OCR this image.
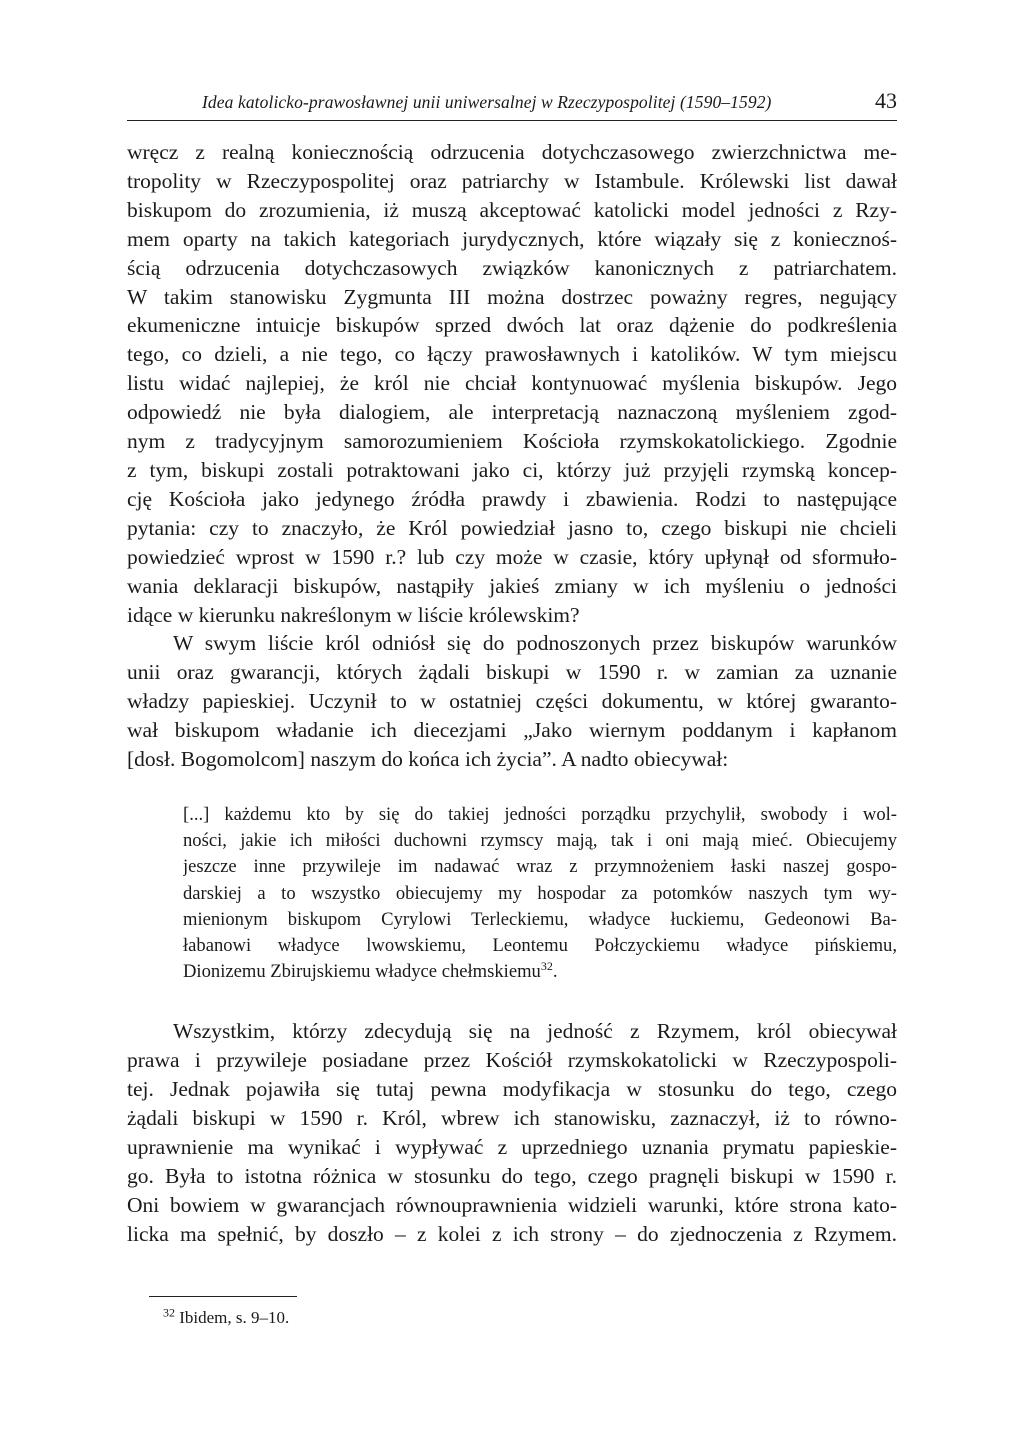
Idea katolicko-prawosławnej unii uniwersalnej w Rzeczypospolitej (1590–1592)	43
wręcz z realną koniecznością odrzucenia dotychczasowego zwierzchnictwa me-
tropolity w Rzeczypospolitej oraz patriarchy w Istambule. Królewski list dawał
biskupom do zrozumienia, iż muszą akceptować katolicki model jedności z Rzy-
mem oparty na takich kategoriach jurydycznych, które wiązały się z koniecznoś-
ścią odrzucenia dotychczasowych związków kanonicznych z patriarchatem.
W takim stanowisku Zygmunta III można dostrzec poważny regres, negujący
ekumeniczne intuicje biskupów sprzed dwóch lat oraz dążenie do podkreślenia
tego, co dzieli, a nie tego, co łączy prawosławnych i katolików. W tym miejscu
listu widać najlepiej, że król nie chciał kontynuować myślenia biskupów. Jego
odpowiedź nie była dialogiem, ale interpretacją naznaczoną myśleniem zgod-
nym z tradycyjnym samorozumieniem Kościoła rzymskokatolickiego. Zgodnie
z tym, biskupi zostali potraktowani jako ci, którzy już przyjęli rzymską koncep-
cję Kościoła jako jedynego źródła prawdy i zbawienia. Rodzi to następujące
pytania: czy to znaczyło, że Król powiedział jasno to, czego biskupi nie chcieli
powiedzieć wprost w 1590 r.? lub czy może w czasie, który upłynął od sformuło-
wania deklaracji biskupów, nastąpiły jakieś zmiany w ich myśleniu o jedności
idące w kierunku nakreślonym w liście królewskim?
W swym liście król odniósł się do podnoszonych przez biskupów warunków
unii oraz gwarancji, których żądali biskupi w 1590 r. w zamian za uznanie
władzy papieskiej. Uczynił to w ostatniej części dokumentu, w której gwaranto-
wał biskupom władanie ich diecezjami „Jako wiernym poddanym i kapłanom
[dosł. Bogomolcom] naszym do końca ich życia”. A nadto obiecywał:
[...] każdemu kto by się do takiej jedności porządku przychylił, swobody i wol-
ności, jakie ich miłości duchowni rzymscy mają, tak i oni mają mieć. Obiecujemy
jeszcze inne przywileje im nadawać wraz z przymnożeniem łaski naszej gospo-
darskiej a to wszystko obiecujemy my hospodar za potomków naszych tym wy-
mienionym biskupom Cyrylowi Terleckiemu, władyce łuckiemu, Gedeonowi Ba-
łabanowi władyce lwowskiemu, Leontemu Połczyckiemu władyce pińskiemu,
Dionizemu Zbirujskiemu władyce chełmskiemu$^{32}$.
Wszystkim, którzy zdecydują się na jedność z Rzymem, król obiecywał
prawa i przywileje posiadane przez Kościół rzymskokatolicki w Rzeczypospoli-
tej. Jednak pojawiła się tutaj pewna modyfikacja w stosunku do tego, czego
żądali biskupi w 1590 r. Król, wbrew ich stanowisku, zaznaczył, iż to równo-
uprawnienie ma wynikać i wypływać z uprzedniego uznania prymatu papieskie-
go. Była to istotna różnica w stosunku do tego, czego pragnęli biskupi w 1590 r.
Oni bowiem w gwarancjach równouprawnienia widzieli warunki, które strona kato-
licka ma spełnić, by doszło – z kolei z ich strony – do zjednoczenia z Rzymem.
$^{32}$ Ibidem, s. 9–10.
